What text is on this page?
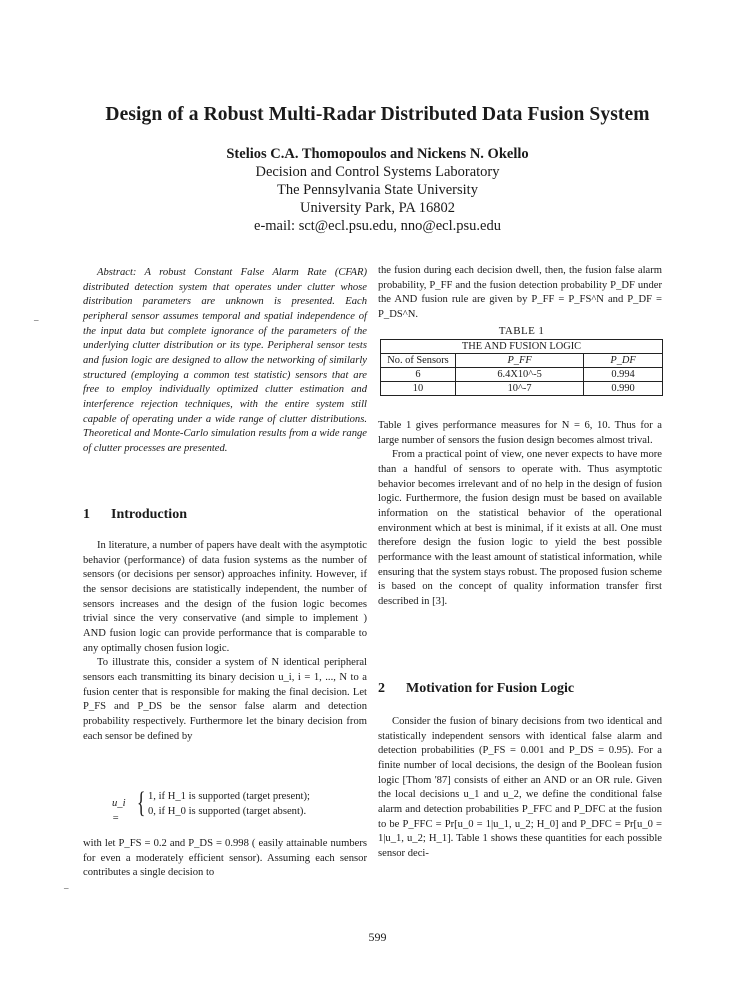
Design of a Robust Multi-Radar Distributed Data Fusion System
Stelios C.A. Thomopoulos and Nickens N. Okello
Decision and Control Systems Laboratory
The Pennsylvania State University
University Park, PA 16802
e-mail: sct@ecl.psu.edu, nno@ecl.psu.edu
Abstract: A robust Constant False Alarm Rate (CFAR) distributed detection system that operates under clutter whose distribution parameters are unknown is presented. Each peripheral sensor assumes temporal and spatial independence of the input data but complete ignorance of the parameters of the underlying clutter distribution or its type. Peripheral sensor tests and fusion logic are designed to allow the networking of similarly structured (employing a common test statistic) sensors that are free to employ individually optimized clutter estimation and interference rejection techniques, with the entire system still capable of operating under a wide range of clutter distributions. Theoretical and Monte-Carlo simulation results from a wide range of clutter processes are presented.
_
1 Introduction

In literature, a number of papers have dealt with the asymptotic behavior (performance) of data fusion systems as the number of sensors (or decisions per sensor) approaches infinity. However, if the sensor decisions are statistically independent, the number of sensors increases and the design of the fusion logic becomes trivial since the very conservative (and simple to implement ) AND fusion logic can provide performance that is comparable to any optimally chosen fusion logic.

To illustrate this, consider a system of N identical peripheral sensors each transmitting its binary decision u_i, i = 1, ..., N to a fusion center that is responsible for making the final decision. Let P_FS and P_DS be the sensor false alarm and detection probability respectively. Furthermore let the binary decision from each sensor be defined by

u_i = { 1, if H_1 is supported (target present);
0, if H_0 is supported (target absent).

with let P_FS = 0.2 and P_DS = 0.998 ( easily attainable numbers for even a moderately efficient sensor). Assuming each sensor contributes a single decision to

_

the fusion during each decision dwell, then, the fusion false alarm probability, P_FF and the fusion detection probability P_DF under the AND fusion rule are given by P_FF = P_FS^N and P_DF = P_DS^N.

TABLE 1
THE AND FUSION LOGIC		
No. of Sensors	P_FF	P_DF
6	6.4X10^-5	0.994
10	10^-7	0.990

Table 1 gives performance measures for N = 6, 10. Thus for a large number of sensors the fusion design becomes almost trival.

From a practical point of view, one never expects to have more than a handful of sensors to operate with. Thus asymptotic behavior becomes irrelevant and of no help in the design of fusion logic. Furthermore, the fusion design must be based on available information on the statistical behavior of the operational environment which at best is minimal, if it exists at all. One must therefore design the fusion logic to yield the best possible performance with the least amount of statistical information, while ensuring that the system stays robust. The proposed fusion scheme is based on the concept of quality information transfer first described in [3].

2 Motivation for Fusion Logic

Consider the fusion of binary decisions from two identical and statistically independent sensors with identical false alarm and detection probabilities (P_FS = 0.001 and P_DS = 0.95). For a finite number of local decisions, the design of the Boolean fusion logic [Thom '87] consists of either an AND or an OR rule. Given the local decisions u_1 and u_2, we define the conditional false alarm and detection probabilities P_FFC and P_DFC at the fusion to be P_FFC = Pr[u_0 = 1|u_1, u_2; H_0] and P_DFC = Pr[u_0 = 1|u_1, u_2; H_1]. Table 1 shows these quantities for each possible sensor deci-

599
